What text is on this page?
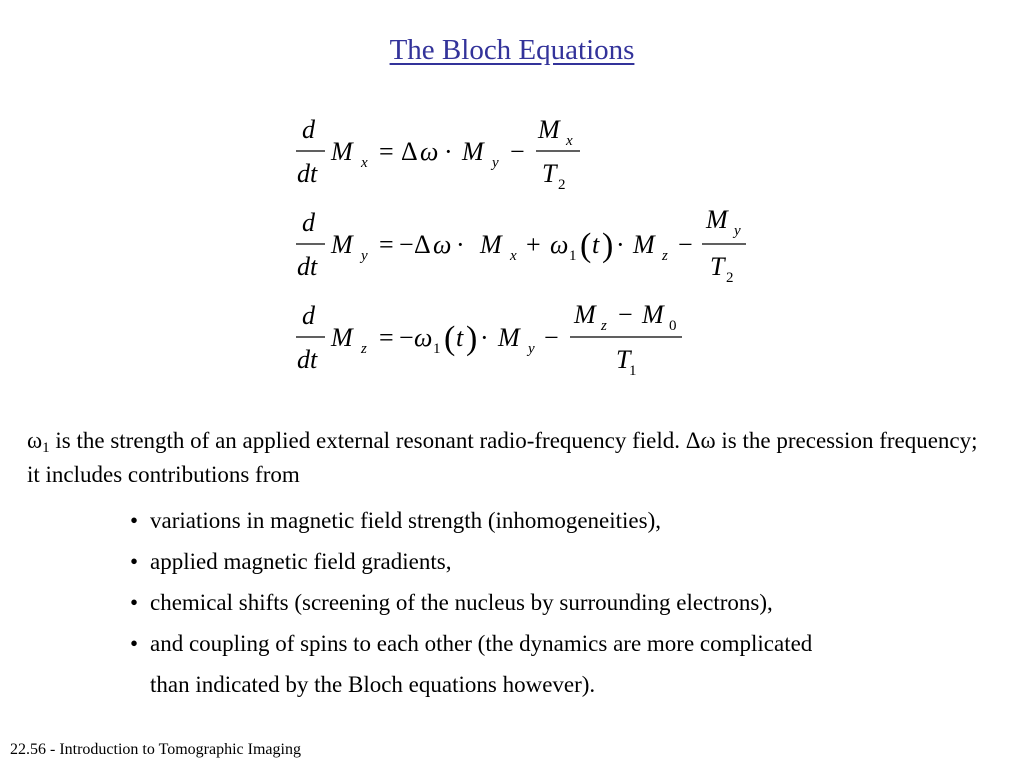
The Bloch Equations
d
dt
M x = Δ ω · M y −
M x
T 2
d
dt
M y = − Δ ω · M x + ω 1 ( t ) · M z −
M y
T 2
d
dt
M z = − ω 1 ( t ) · M y −
M z − M 0
T
1
$\omega_1$ is the strength of an applied external resonant radio-frequency field. Δω is the precession frequency; it includes contributions from
• variations in magnetic field strength (inhomogeneities),
• applied magnetic field gradients,
• chemical shifts (screening of the nucleus by surrounding electrons),
• and coupling of spins to each other (the dynamics are more complicated
than indicated by the Bloch equations however).
22.56 - Introduction to Tomographic Imaging
